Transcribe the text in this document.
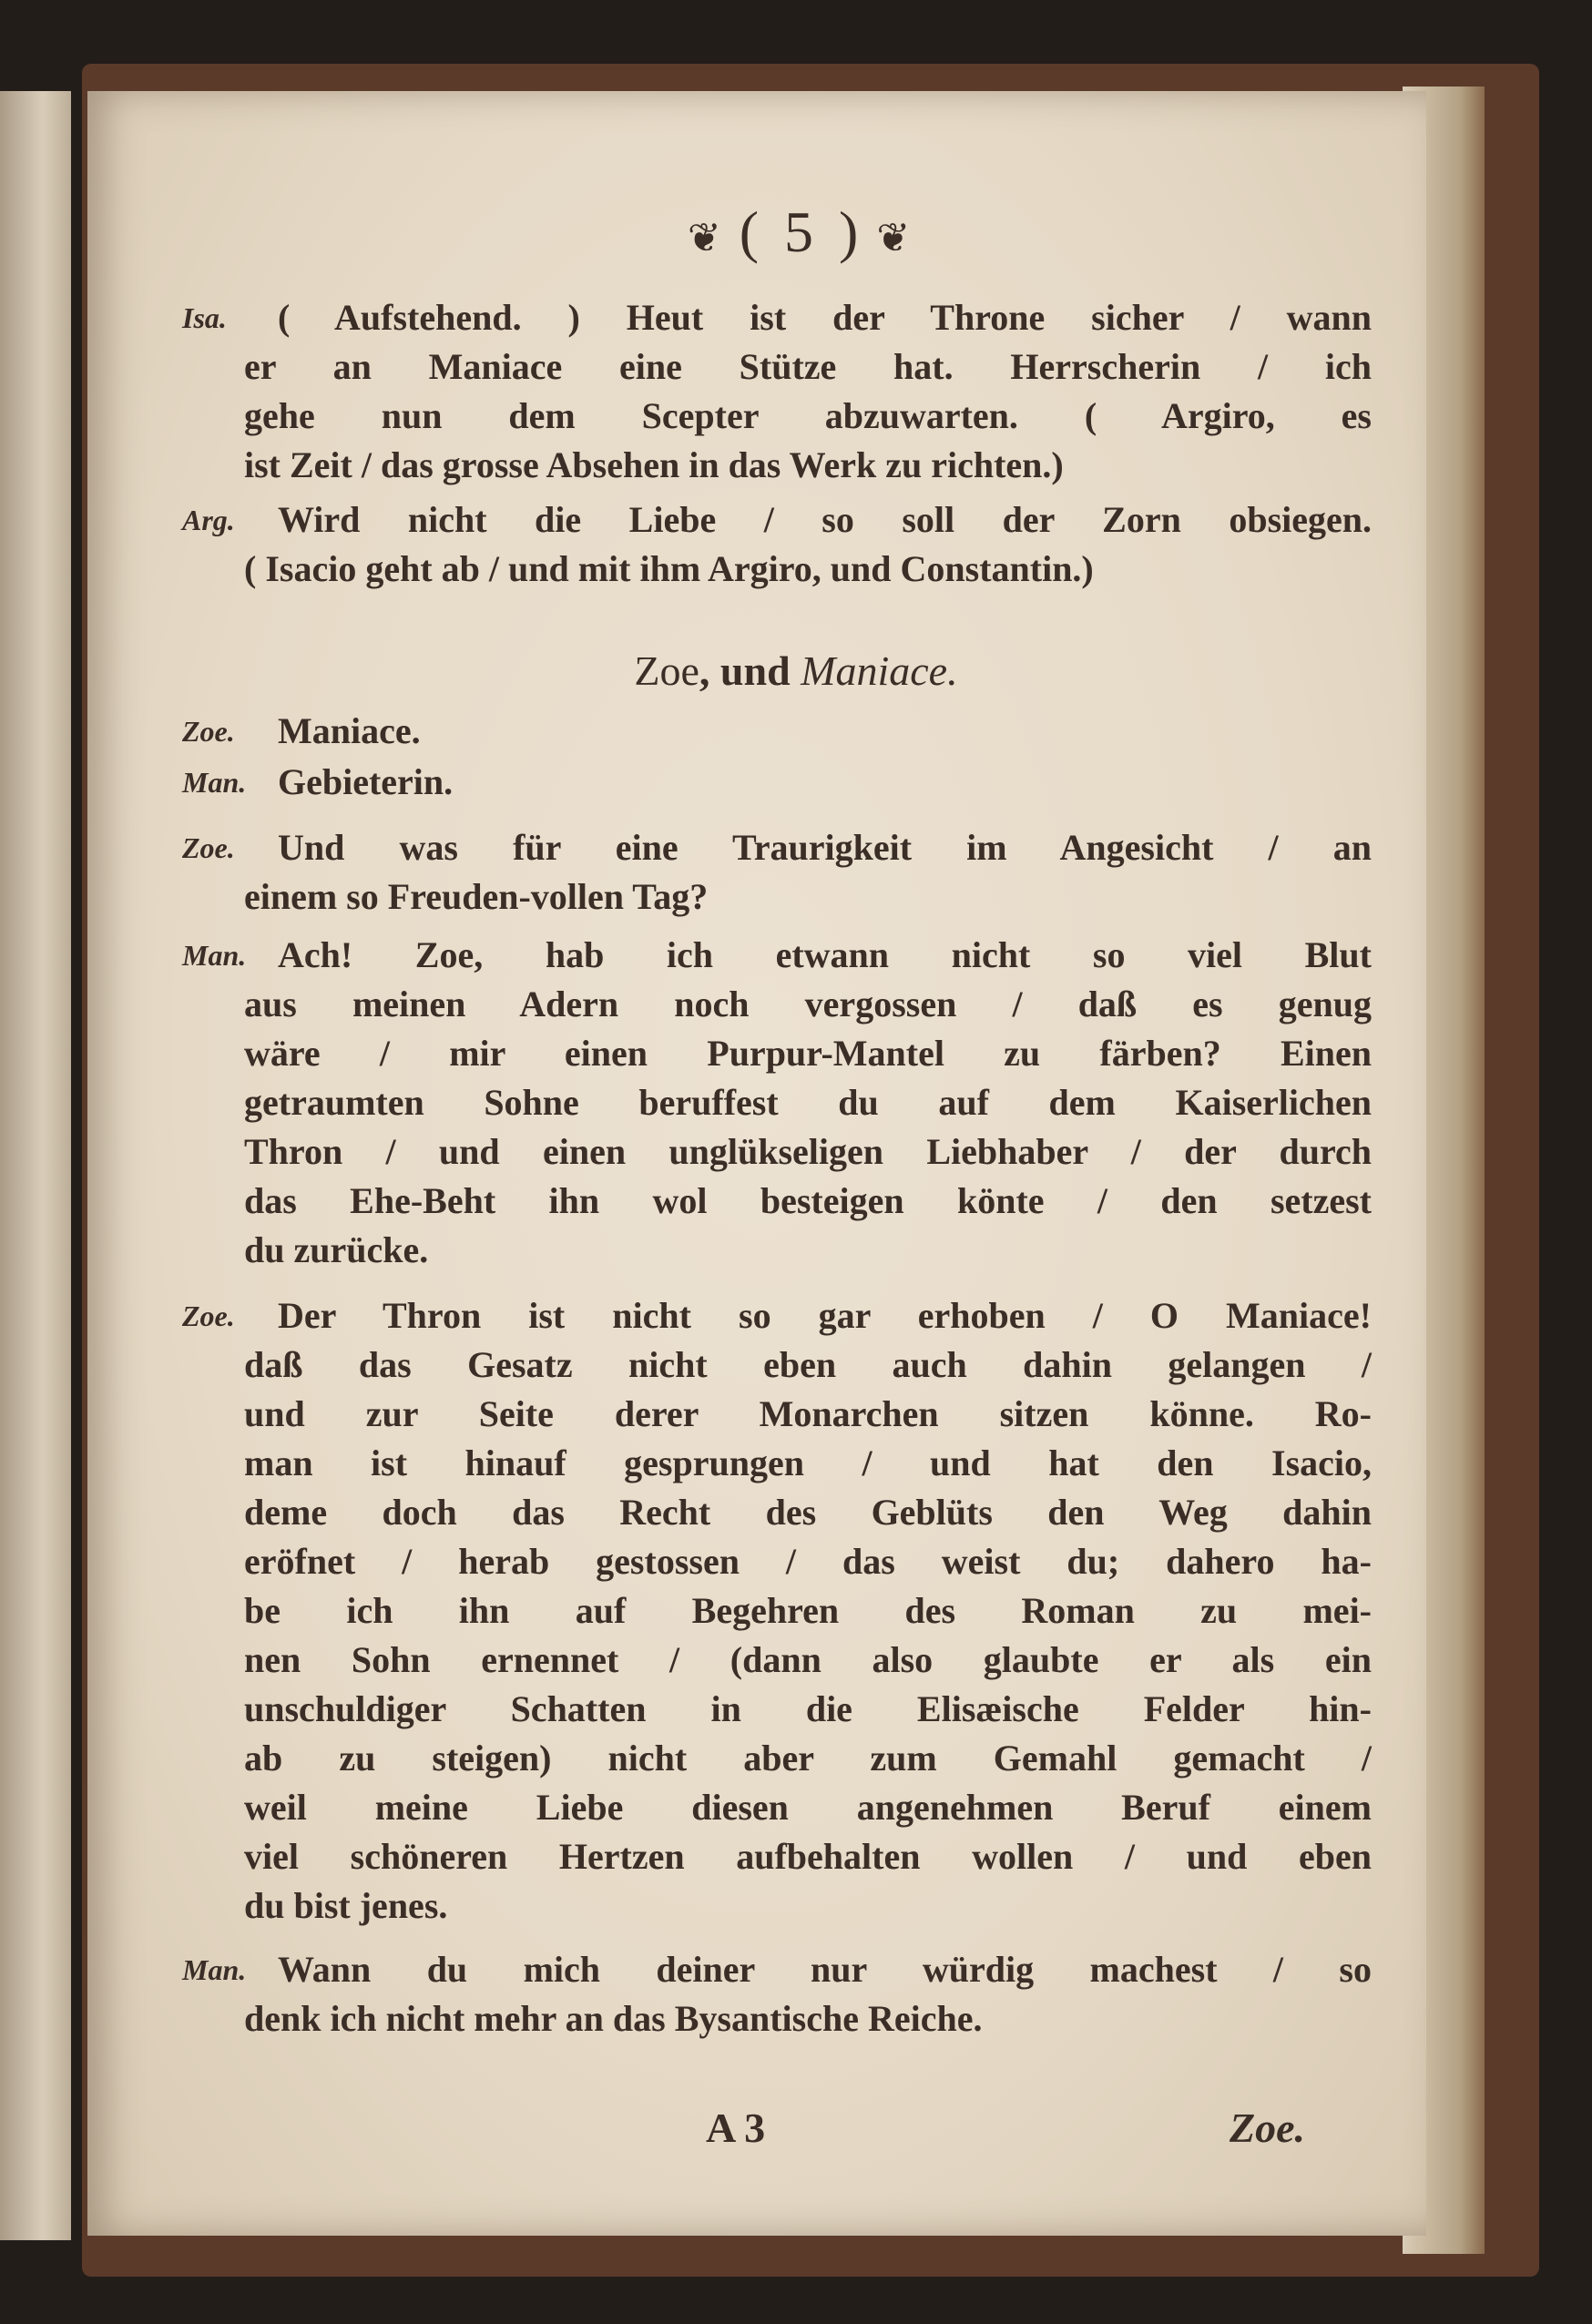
❦ ( 5 ) ❦
Zoe, und Maniace.
Isa.	( Aufstehend. ) Heut ist der Throne sicher / wann
er an Maniace eine Stütze hat. Herrscherin / ich
gehe nun dem Scepter abzuwarten. ( Argiro, es
ist Zeit / das grosse Absehen in das Werk zu richten.)
Arg.	Wird nicht die Liebe / so soll der Zorn obsiegen.
( Isacio geht ab / und mit ihm Argiro, und Constantin.)
Zoe.	Maniace.
Man. Gebieterin.
Zoe.	Und was für eine Traurigkeit im Angesicht / an
einem so Freuden-vollen Tag?
Man. Ach! Zoe, hab ich etwann nicht so viel Blut
aus meinen Adern noch vergossen / daß es genug
wäre / mir einen Purpur-Mantel zu färben? Einen
getraumten Sohne beruffest du auf dem Kaiserlichen
Thron / und einen unglükseligen Liebhaber / der durch
das Ehe-Beht ihn wol besteigen könte / den setzest
du zurücke.
Zoe.	Der Thron ist nicht so gar erhoben / O Maniace!
daß das Gesatz nicht eben auch dahin gelangen /
und zur Seite derer Monarchen sitzen könne. Ro-
man ist hinauf gesprungen / und hat den Isacio,
deme doch das Recht des Geblüts den Weg dahin
eröfnet / herab gestossen / das weist du; dahero ha-
be ich ihn auf Begehren des Roman zu mei-
nen Sohn ernennet / (dann also glaubte er als ein
unschuldiger Schatten in die Elisæische Felder hin-
ab zu steigen) nicht aber zum Gemahl gemacht /
weil meine Liebe diesen angenehmen Beruf einem
viel schöneren Hertzen aufbehalten wollen / und eben
du bist jenes.
Man. Wann du mich deiner nur würdig machest / so
denk ich nicht mehr an das Bysantische Reiche.
A 3	Zoe.
